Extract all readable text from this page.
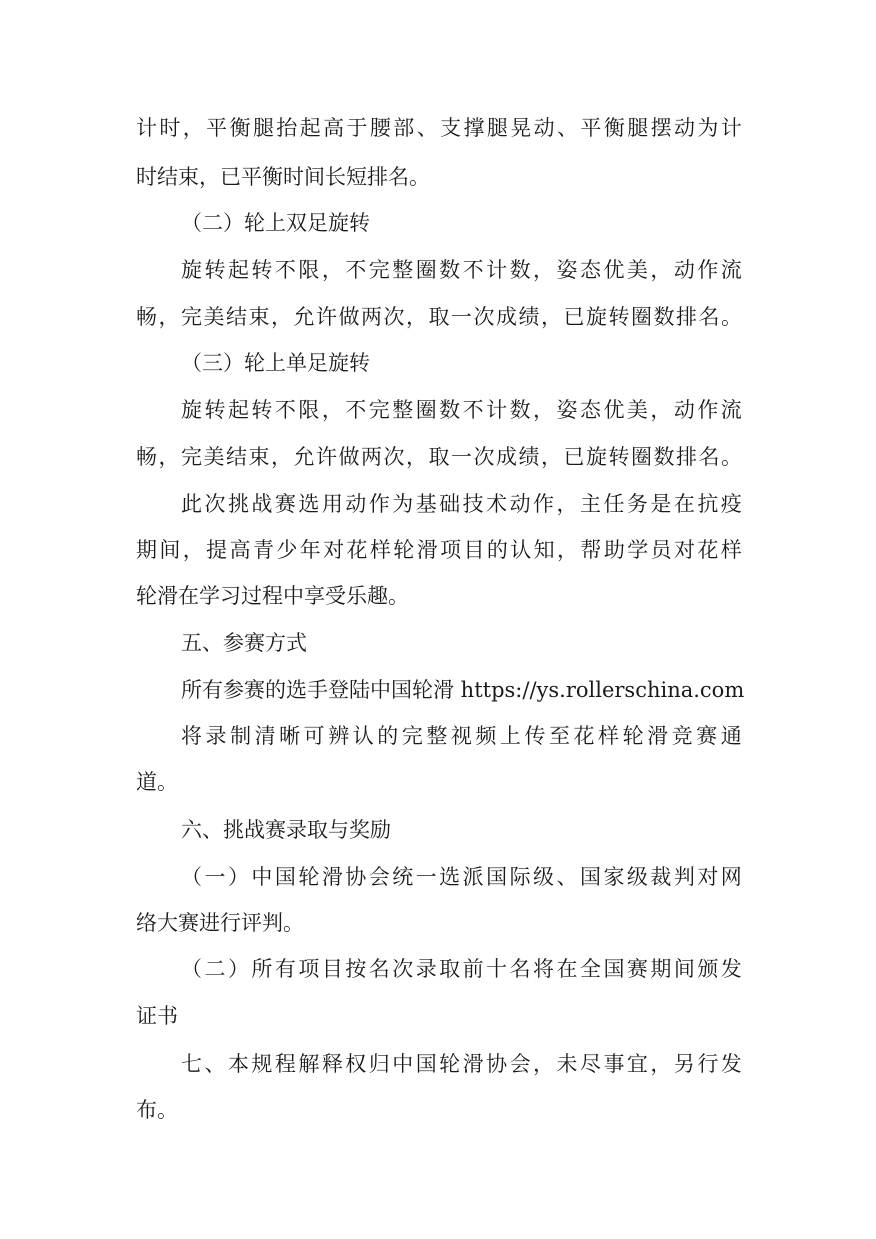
计 时 ， 平 衡 腿 抬 起 高 于 腰 部 、 支 撑 腿 晃 动 、 平 衡 腿 摆 动 为 计
时结束，已平衡时间长短排名。
（二）轮上双足旋转
旋 转 起 转 不 限 ， 不 完 整 圈 数 不 计 数 ， 姿 态 优 美 ， 动 作 流
畅 ， 完 美 结 束 ， 允 许 做 两 次 ， 取 一 次 成 绩 ， 已 旋 转 圈 数 排 名 。
（三）轮上单足旋转
旋 转 起 转 不 限 ， 不 完 整 圈 数 不 计 数 ， 姿 态 优 美 ， 动 作 流
畅 ， 完 美 结 束 ， 允 许 做 两 次 ， 取 一 次 成 绩 ， 已 旋 转 圈 数 排 名 。
此 次 挑 战 赛 选 用 动 作 为 基 础 技 术 动 作 ， 主 任 务 是 在 抗 疫
期 间 ， 提 高 青 少 年 对 花 样 轮 滑 项 目 的 认 知 ， 帮 助 学 员 对 花 样
轮滑在学习过程中享受乐趣。
五、参赛方式
所有参赛的选手登陆中国轮滑 https://ys.rollerschina.com
将 录 制 清 晰 可 辨 认 的 完 整 视 频 上 传 至 花 样 轮 滑 竞 赛 通
道。
六、挑战赛录取与奖励
（ 一 ） 中 国 轮 滑 协 会 统 一 选 派 国 际 级 、 国 家 级 裁 判 对 网
络大赛进行评判。
（ 二 ） 所 有 项 目 按 名 次 录 取 前 十 名 将 在 全 国 赛 期 间 颁 发
证书
七 、 本 规 程 解 释 权 归 中 国 轮 滑 协 会 ， 未 尽 事 宜 ， 另 行 发
布。
